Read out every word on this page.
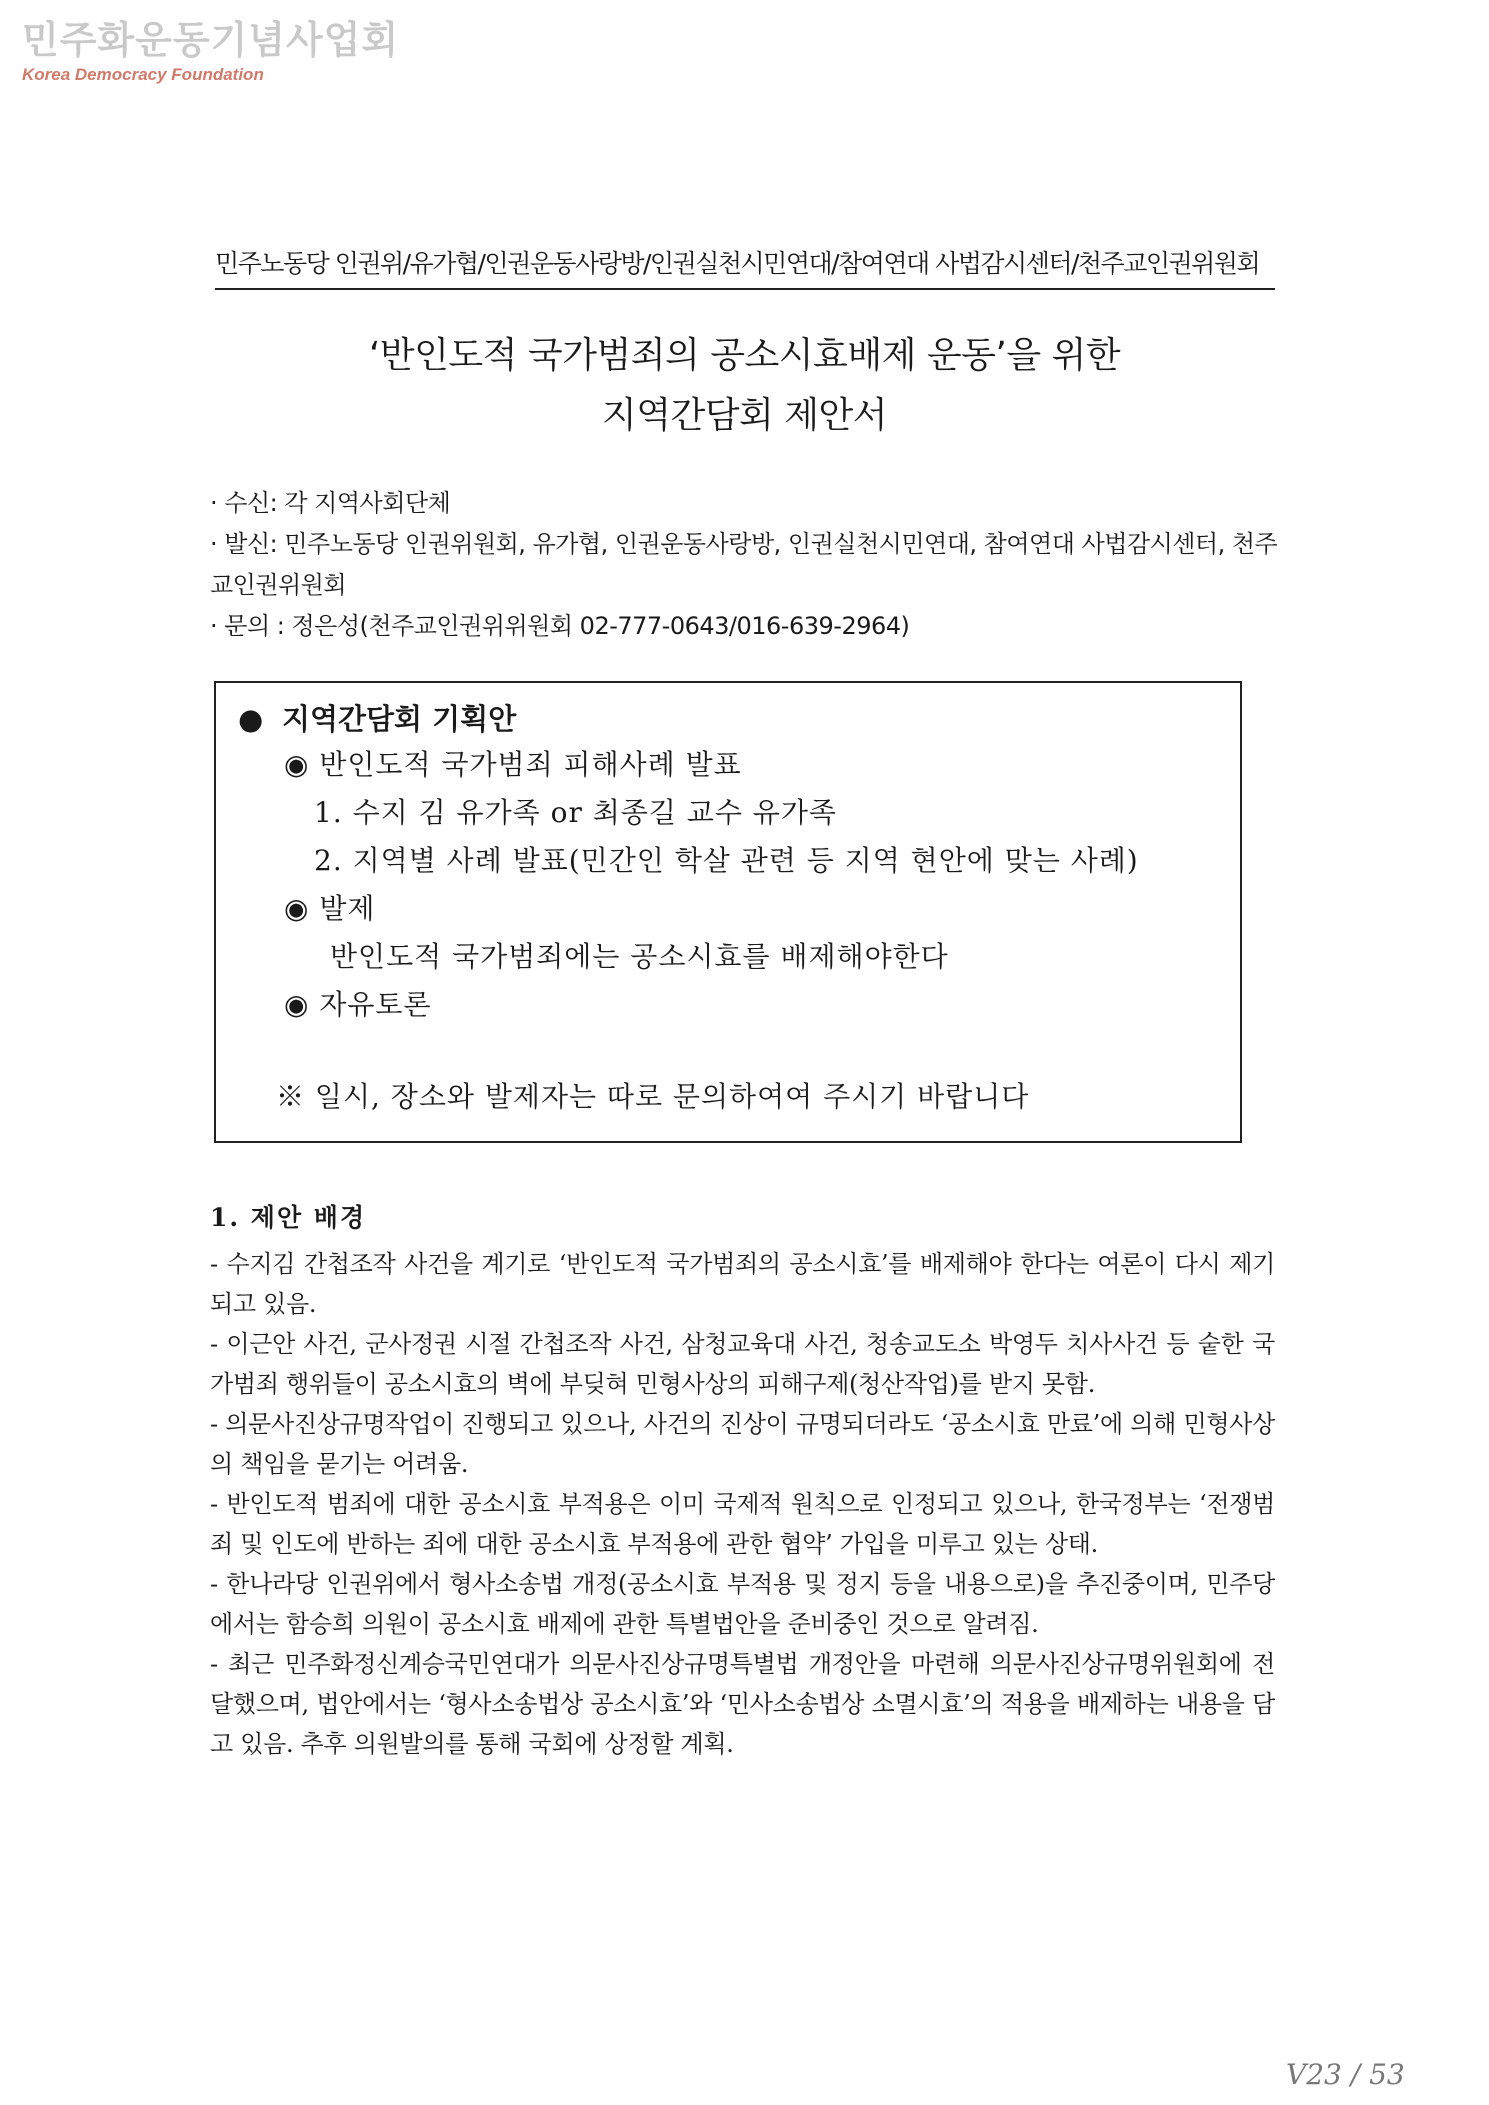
민주화운동기념사업회
Korea Democracy Foundation
민주노동당 인권위/유가협/인권운동사랑방/인권실천시민연대/참여연대 사법감시센터/천주교인권위원회
‘반인도적 국가범죄의 공소시효배제 운동’을 위한
지역간담회 제안서

· 수신: 각 지역사회단체

· 발신: 민주노동당 인권위원회, 유가협, 인권운동사랑방, 인권실천시민연대, 참여연대 사법감시센터, 천주교인권위원회

· 문의 : 정은성(천주교인권위위원회 02-777-0643/016-639-2964)

● 지역간담회 기획안
◉ 반인도적 국가범죄 피해사례 발표
1. 수지 김 유가족 or 최종길 교수 유가족
2. 지역별 사례 발표(민간인 학살 관련 등 지역 현안에 맞는 사례)
◉ 발제
반인도적 국가범죄에는 공소시효를 배제해야한다
◉ 자유토론
※ 일시, 장소와 발제자는 따로 문의하여여 주시기 바랍니다
1. 제안 배경

- 수지김 간첩조작 사건을 계기로 ‘반인도적 국가범죄의 공소시효’를 배제해야 한다는 여론이 다시 제기되고 있음.

- 이근안 사건, 군사정권 시절 간첩조작 사건, 삼청교육대 사건, 청송교도소 박영두 치사사건 등 숱한 국가범죄 행위들이 공소시효의 벽에 부딪혀 민형사상의 피해구제(청산작업)를 받지 못함.

- 의문사진상규명작업이 진행되고 있으나, 사건의 진상이 규명되더라도 ‘공소시효 만료’에 의해 민형사상의 책임을 묻기는 어려움.

- 반인도적 범죄에 대한 공소시효 부적용은 이미 국제적 원칙으로 인정되고 있으나, 한국정부는 ‘전쟁범죄 및 인도에 반하는 죄에 대한 공소시효 부적용에 관한 협약’ 가입을 미루고 있는 상태.

- 한나라당 인권위에서 형사소송법 개정(공소시효 부적용 및 정지 등을 내용으로)을 추진중이며, 민주당에서는 함승희 의원이 공소시효 배제에 관한 특별법안을 준비중인 것으로 알려짐.

- 최근 민주화정신계승국민연대가 의문사진상규명특별법 개정안을 마련해 의문사진상규명위원회에 전달했으며, 법안에서는 ‘형사소송법상 공소시효’와 ‘민사소송법상 소멸시효’의 적용을 배제하는 내용을 담고 있음. 추후 의원발의를 통해 국회에 상정할 계획.

V23 / 53
